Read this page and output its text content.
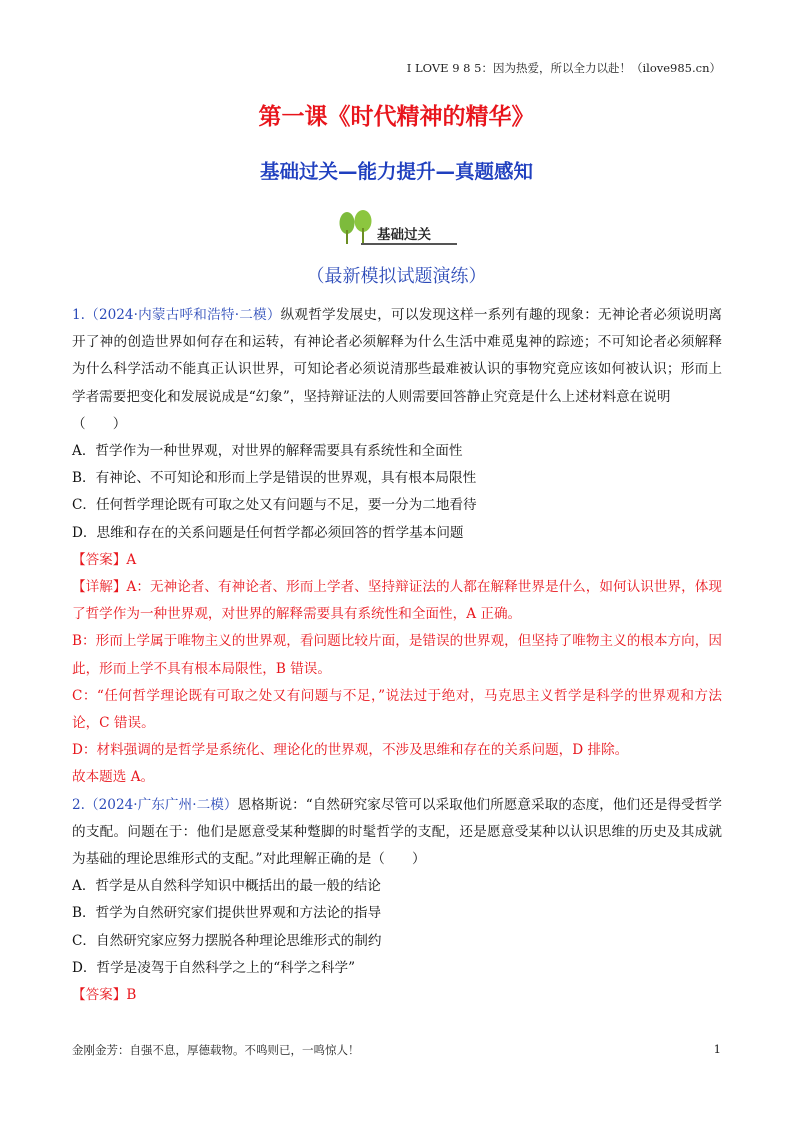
I LOVE 9 8 5：因为热爱，所以全力以赴！（ilove985.cn）
第一课《时代精神的精华》
基础过关—能力提升—真题感知
基础过关
（最新模拟试题演练）

1.（2024·内蒙古呼和浩特·二模）纵观哲学发展史，可以发现这样一系列有趣的现象：无神论者必须说明离开了神的创造世界如何存在和运转，有神论者必须解释为什么生活中难觅鬼神的踪迹；不可知论者必须解释为什么科学活动不能真正认识世界，可知论者必须说清那些最难被认识的事物究竟应该如何被认识；形而上学者需要把变化和发展说成是“幻象”，坚持辩证法的人则需要回答静止究竟是什么上述材料意在说明

（　　）

A．哲学作为一种世界观，对世界的解释需要具有系统性和全面性

B．有神论、不可知论和形而上学是错误的世界观，具有根本局限性

C．任何哲学理论既有可取之处又有问题与不足，要一分为二地看待

D．思维和存在的关系问题是任何哲学都必须回答的哲学基本问题

【答案】A

【详解】A：无神论者、有神论者、形而上学者、坚持辩证法的人都在解释世界是什么，如何认识世界，体现了哲学作为一种世界观，对世界的解释需要具有系统性和全面性，A 正确。

B：形而上学属于唯物主义的世界观，看问题比较片面，是错误的世界观，但坚持了唯物主义的根本方向，因此，形而上学不具有根本局限性，B 错误。

C：“任何哲学理论既有可取之处又有问题与不足，”说法过于绝对，马克思主义哲学是科学的世界观和方法论，C 错误。

D：材料强调的是哲学是系统化、理论化的世界观，不涉及思维和存在的关系问题，D 排除。

故本题选 A。

2.（2024·广东广州·二模）恩格斯说：“自然研究家尽管可以采取他们所愿意采取的态度，他们还是得受哲学的支配。问题在于：他们是愿意受某种蹩脚的时髦哲学的支配，还是愿意受某种以认识思维的历史及其成就为基础的理论思维形式的支配。”对此理解正确的是（　　）

A．哲学是从自然科学知识中概括出的最一般的结论

B．哲学为自然研究家们提供世界观和方法论的指导

C．自然研究家应努力摆脱各种理论思维形式的制约

D．哲学是凌驾于自然科学之上的“科学之科学”

【答案】B

金刚金芳：自强不息，厚德载物。不鸣则已，一鸣惊人！	1
